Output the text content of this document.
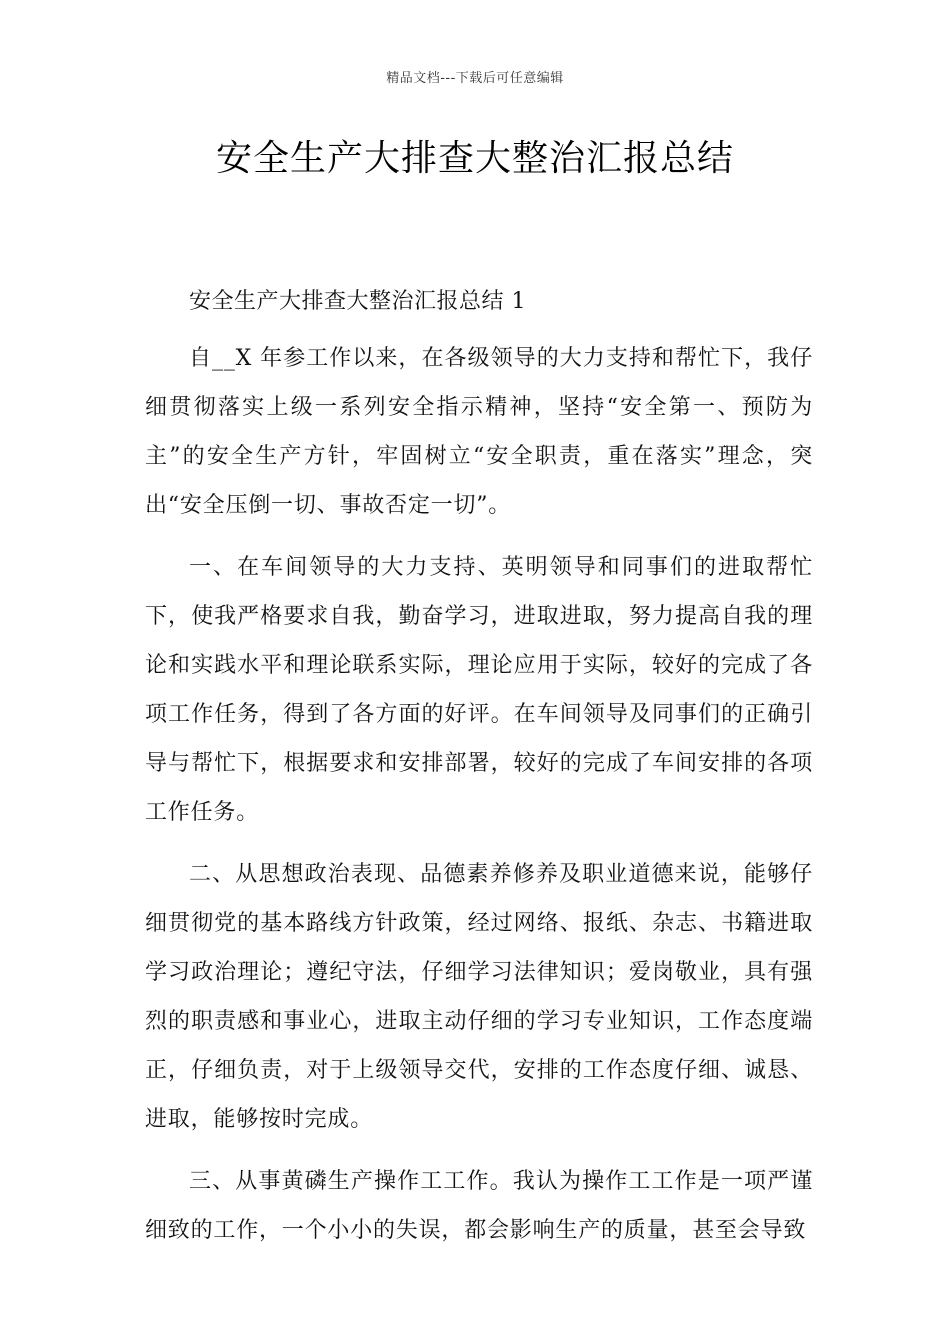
精品文档---下载后可任意编辑
安全生产大排查大整治汇报总结

安全生产大排查大整治汇报总结 1

自__X 年参工作以来，在各级领导的大力支持和帮忙下，我仔细贯彻落实上级一系列安全指示精神，坚持“安全第一、预防为主”的安全生产方针，牢固树立“安全职责，重在落实”理念，突出“安全压倒一切、事故否定一切”。

一、在车间领导的大力支持、英明领导和同事们的进取帮忙下，使我严格要求自我，勤奋学习，进取进取，努力提高自我的理论和实践水平和理论联系实际，理论应用于实际，较好的完成了各项工作任务，得到了各方面的好评。在车间领导及同事们的正确引导与帮忙下，根据要求和安排部署，较好的完成了车间安排的各项工作任务。

二、从思想政治表现、品德素养修养及职业道德来说，能够仔细贯彻党的基本路线方针政策，经过网络、报纸、杂志、书籍进取学习政治理论；遵纪守法，仔细学习法律知识；爱岗敬业，具有强烈的职责感和事业心，进取主动仔细的学习专业知识，工作态度端正，仔细负责，对于上级领导交代，安排的工作态度仔细、诚恳、进取，能够按时完成。

三、从事黄磷生产操作工工作。我认为操作工工作是一项严谨细致的工作，一个小小的失误，都会影响生产的质量，甚至会导致
